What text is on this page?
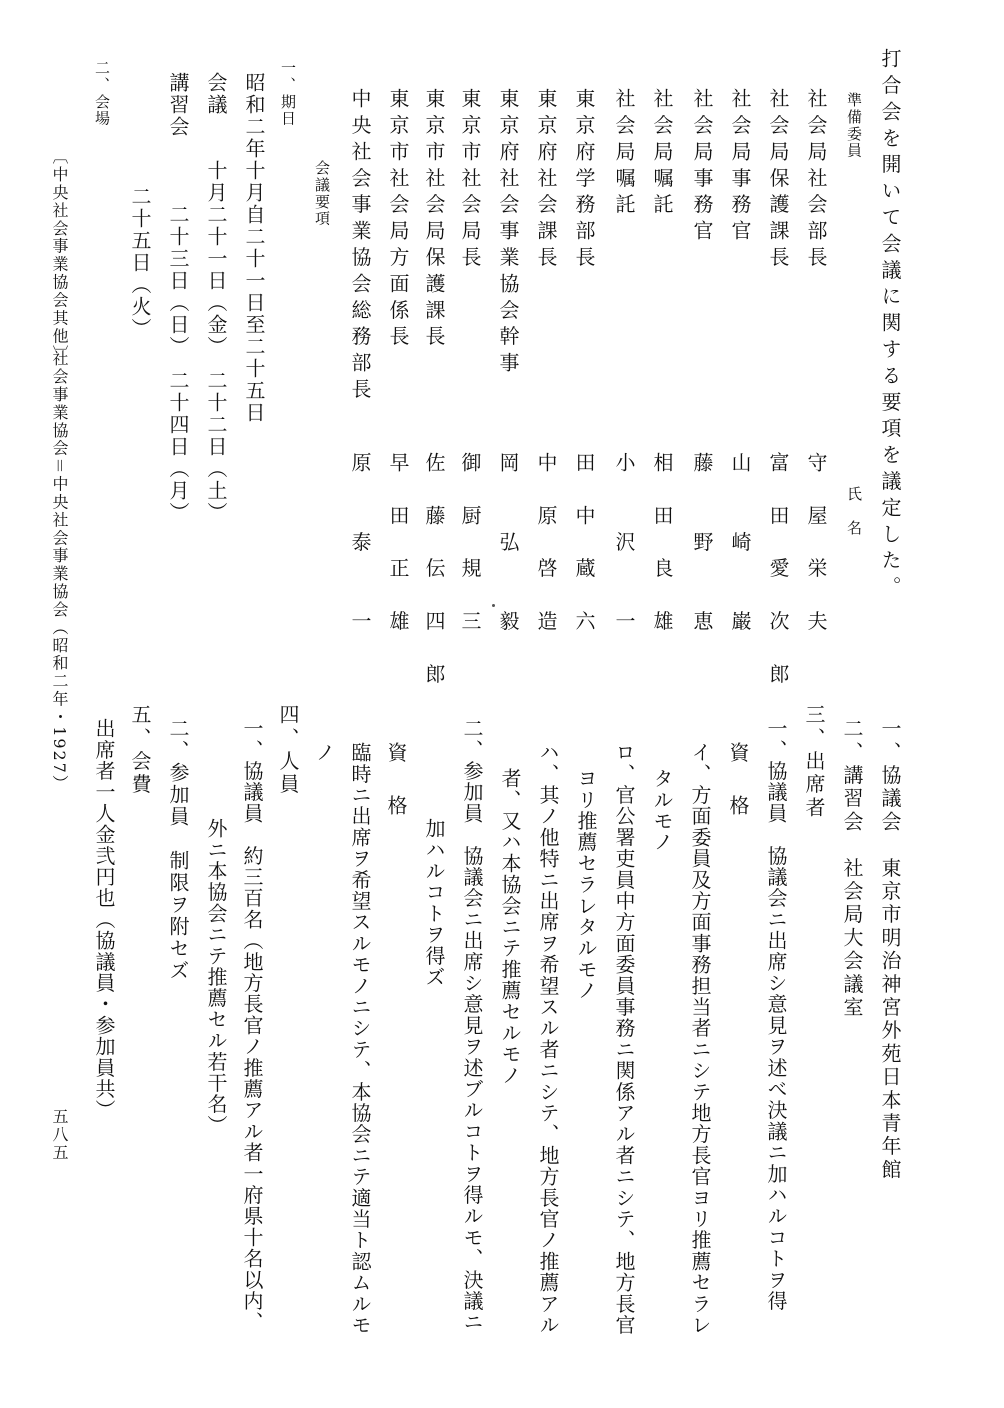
打合会を開いて会議に関する要項を議定した。
準備委員
氏　名
社会局社会部長
守　屋　栄　夫
社会局保護課長
富　田　愛　次　郎
社会局事務官
山　　崎　　巌
社会局事務官
藤　　野　　恵
社会局嘱託
相　田　良　雄
社会局嘱託
小　　沢　　一
東京府学務部長
田　中　蔵　六
東京府社会課長
中　原　啓　造
東京府社会事業協会幹事
岡　　弘　　毅
東京市社会局長
御　厨　規　三
東京市社会局保護課長
佐　藤　伝　四　郎
東京市社会局方面係長
早　田　正　雄
中央社会事業協会総務部長
原　　泰　　一
会議要項
一、期日
昭和二年十月自二十一日至二十五日
会議　　十月二十一日（金）　二十二日（土）
講習会　　　二十三日（日）　二十四日（月）
二十五日（火）
二、会場
一、協議会　東京市明治神宮外苑日本青年館
二、講習会　社会局大会議室
三、出席者
一、協議員　協議会ニ出席シ意見ヲ述べ決議ニ加ハルコトヲ得
資　格
イ、方面委員及方面事務担当者ニシテ地方長官ヨリ推薦セラレ
タルモノ
ロ、官公署吏員中方面委員事務ニ関係アル者ニシテ、地方長官
ヨリ推薦セラレタルモノ
ハ、其ノ他特ニ出席ヲ希望スル者ニシテ、地方長官ノ推薦アル
者、又ハ本協会ニテ推薦セルモノ
二、参加員　協議会ニ出席シ意見ヲ述ブルコトヲ得ルモ、決議ニ
加ハルコトヲ得ズ
資　格
臨時ニ出席ヲ希望スルモノニシテ、本協会ニテ適当ト認ムルモ
ノ
四、人員
一、協議員　約三百名（地方長官ノ推薦アル者一府県十名以内、
外ニ本協会ニテ推薦セル若干名）
二、参加員　制限ヲ附セズ
五、会費
出席者一人金弐円也（協議員・参加員共）
〔中央社会事業協会其他〕
社会事業協会＝中央社会事業協会（昭和二年・1927）
五八五
